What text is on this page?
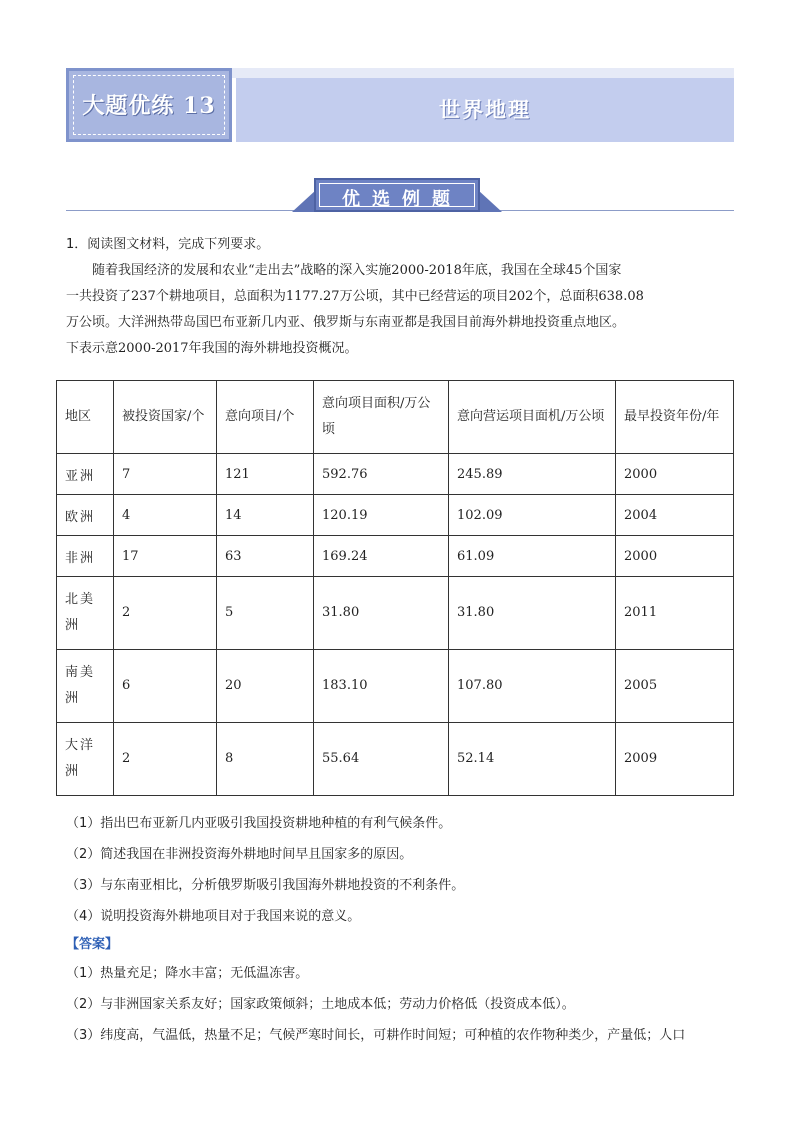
大题优练 13	世界地理
优选例题
1．阅读图文材料，完成下列要求。

随着我国经济的发展和农业“走出去”战略的深入实施2000-2018年底，我国在全球45个国家

一共投资了237个耕地项目，总面积为1177.27万公顷，其中已经营运的项目202个，总面积638.08

万公顷。大洋洲热带岛国巴布亚新几内亚、俄罗斯与东南亚都是我国目前海外耕地投资重点地区。

下表示意2000-2017年我国的海外耕地投资概况。

地区	被投资国家/个	意向项目/个	意向项目面积/万公顷	意向营运项目面机/万公顷	最早投资年份/年
亚洲	7	121	592.76	245.89	2000
欧洲	4	14	120.19	102.09	2004
非洲	17	63	169.24	61.09	2000
北美洲	2	5	31.80	31.80	2011
南美洲	6	20	183.10	107.80	2005
大洋洲	2	8	55.64	52.14	2009
（1）指出巴布亚新几内亚吸引我国投资耕地种植的有利气候条件。
（2）简述我国在非洲投资海外耕地时间早且国家多的原因。
（3）与东南亚相比，分析俄罗斯吸引我国海外耕地投资的不利条件。
（4）说明投资海外耕地项目对于我国来说的意义。
【答案】
（1）热量充足；降水丰富；无低温冻害。
（2）与非洲国家关系友好；国家政策倾斜；土地成本低；劳动力价格低（投资成本低）。
（3）纬度高，气温低，热量不足；气候严寒时间长，可耕作时间短；可种植的农作物种类少，产量低；人口
